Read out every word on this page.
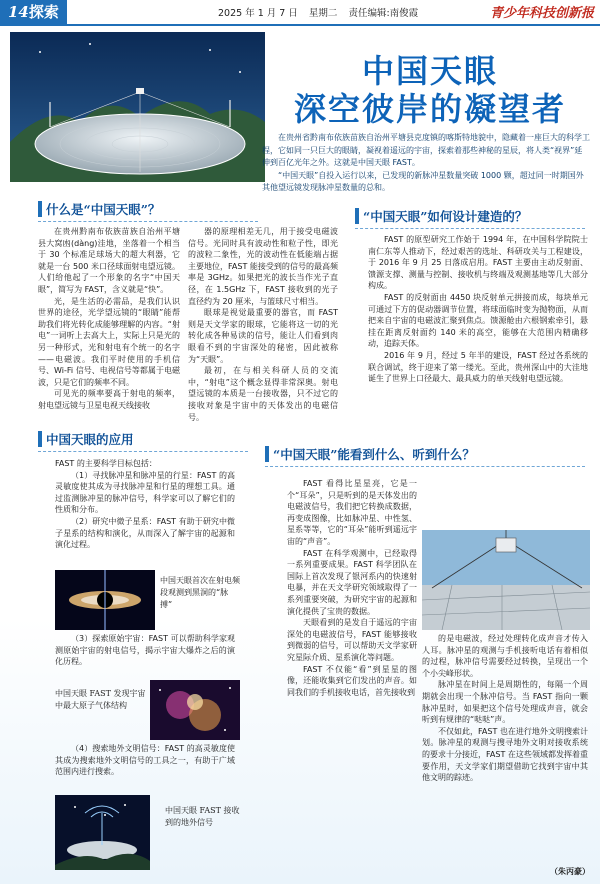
14探索	2025 年 1 月 7 日 星期二 责任编辑:南俊霞	青少年科技创新报
中国天眼
深空彼岸的凝望者

在贵州省黔南布依族苗族自治州平塘县克度镇的喀斯特地貌中，隐藏着一座巨大的科学工程，它如同一只巨大的眼睛，凝视着遥远的宇宙，探索着那些神秘的星辰，将人类“视界”延伸到百亿光年之外。这就是中国天眼 FAST。

“中国天眼”自投入运行以来，已发现的新脉冲星数量突破 1000 颗，超过同一时期国外其他望远镜发现脉冲星数量的总和。

什么是“中国天眼”？

在贵州黔南布依族苗族自治州平塘县大窝凼(dàng)洼地，坐落着一个相当于 30 个标准足球场大的超大利器，它就是一台 500 米口径球面射电望远镜。人们给他起了一个形象的名字“中国天眼”，简写为 FAST，含义就是“快”。

光，是生活的必需品，是我们认识世界的途径，光学望远镜的“眼睛”能帮助我们将光转化成能够理解的内容。“射电”一词听上去高大上，实际上只是光的另一种形式，光和射电有个统一的名字——电磁波。我们平时使用的手机信号、Wi-Fi 信号、电视信号等都属于电磁波，只是它们的频率不同。

可见光的频率要高于射电的频率，射电望远镜与卫星电视天线接收

器的原理相差无几，用于接受电磁波信号。光同时具有波动性和粒子性，即光的波粒二象性，光的波动性在低能端占据主要地位，FAST 能接受到的信号的最高频率是 3GHz。如果把光的波长当作光子直径，在 1.5GHz 下，FAST 接收到的光子直径约为 20 厘米，与篮球尺寸相当。

眼球是视觉最重要的器官，而 FAST 则是天文学家的眼球，它能将这一切的光转化成各种易读的信号，能让人们看到肉眼看不到的宇宙深处的秘密，因此被称为“天眼”。

最初，在与相关科研人员的交流中，“射电”这个概念显得非常深奥。射电望远镜的本质是一台接收器，只不过它的接收对象是宇宙中的天体发出的电磁信号。

“中国天眼”如何设计建造的？

FAST 的原型研究工作始于 1994 年，在中国科学院院士南仁东等人推动下，经过艰苦的选址、科研攻关与工程建设，于 2016 年 9 月 25 日落成启用。FAST 主要由主动反射面、馈源支撑、测量与控制、接收机与终端及观测基地等几大部分构成。

FAST 的反射面由 4450 块反射单元拼接而成，每块单元可通过下方的促动器调节位置，将球面临时变为抛物面，从而把来自宇宙的电磁波汇聚到焦点。馈源舱由六根钢索牵引，悬挂在距离反射面约 140 米的高空，能够在大范围内精确移动，追踪天体。

2016 年 9 月，经过 5 年半的建设，FAST 经过各系统的联合调试，终于迎来了第一缕光。至此，贵州深山中的大洼地诞生了世界上口径最大、最具威力的单天线射电望远镜。

中国天眼的应用

FAST 的主要科学目标包括：

（1）寻找脉冲星和脉冲星的行星：FAST 的高灵敏度使其成为寻找脉冲星和行星的理想工具。通过监测脉冲星的脉冲信号，科学家可以了解它们的性质和分布。

（2）研究中微子星系：FAST 有助于研究中微子星系的结构和演化，从而深入了解宇宙的起源和演化过程。

中国天眼首次在射电频段观测到黑洞的“脉搏”

（3）探索原始宇宙：FAST 可以帮助科学家观测原始宇宙的射电信号，揭示宇宙大爆炸之后的演化历程。

中国天眼 FAST 发现宇宙中最大原子气体结构

（4）搜索地外文明信号：FAST 的高灵敏度使其成为搜索地外文明信号的工具之一，有助于广域范围内进行搜索。

中国天眼 FAST 接收到的地外信号
“中国天眼”能看到什么、听到什么？

FAST 看得比星星亮，它是一个“耳朵”，只是听到的是天体发出的电磁波信号，我们把它转换成数据，再变成图像，比如脉冲星、中性氢、星系等等，它的“耳朵”能听到遥远宇宙的“声音”。

FAST 在科学观测中，已经取得一系列重要成果。FAST 科学团队在国际上首次发现了银河系内的快速射电暴，并在天文学研究领域取得了一系列重要突破，为研究宇宙的起源和演化提供了宝贵的数据。

天眼看到的是发自于遥远的宇宙深处的电磁波信号，FAST 能够接收到微弱的信号，可以帮助天文学家研究星际介质、星系演化等问题。

FAST 不仅能“看”到星星的图像，还能收集到它们发出的声音。如同我们的手机接收电话，首先接收到

的是电磁波，经过处理转化成声音才传入人耳。脉冲星的观测与手机接听电话有着相似的过程，脉冲信号需要经过转换，呈现出一个个小尖峰形状。

脉冲星在时间上是周期性的，每隔一个周期就会出现一个脉冲信号。当 FAST 指向一颗脉冲星时，如果把这个信号处理成声音，就会听到有规律的“哒哒”声。

不仅如此，FAST 也在进行地外文明搜索计划。脉冲星的观测与搜寻地外文明对接收系统的要求十分接近，FAST 在这些领域都发挥着重要作用，天文学家们期望借助它找到宇宙中其他文明的踪迹。

（朱丙豪）
